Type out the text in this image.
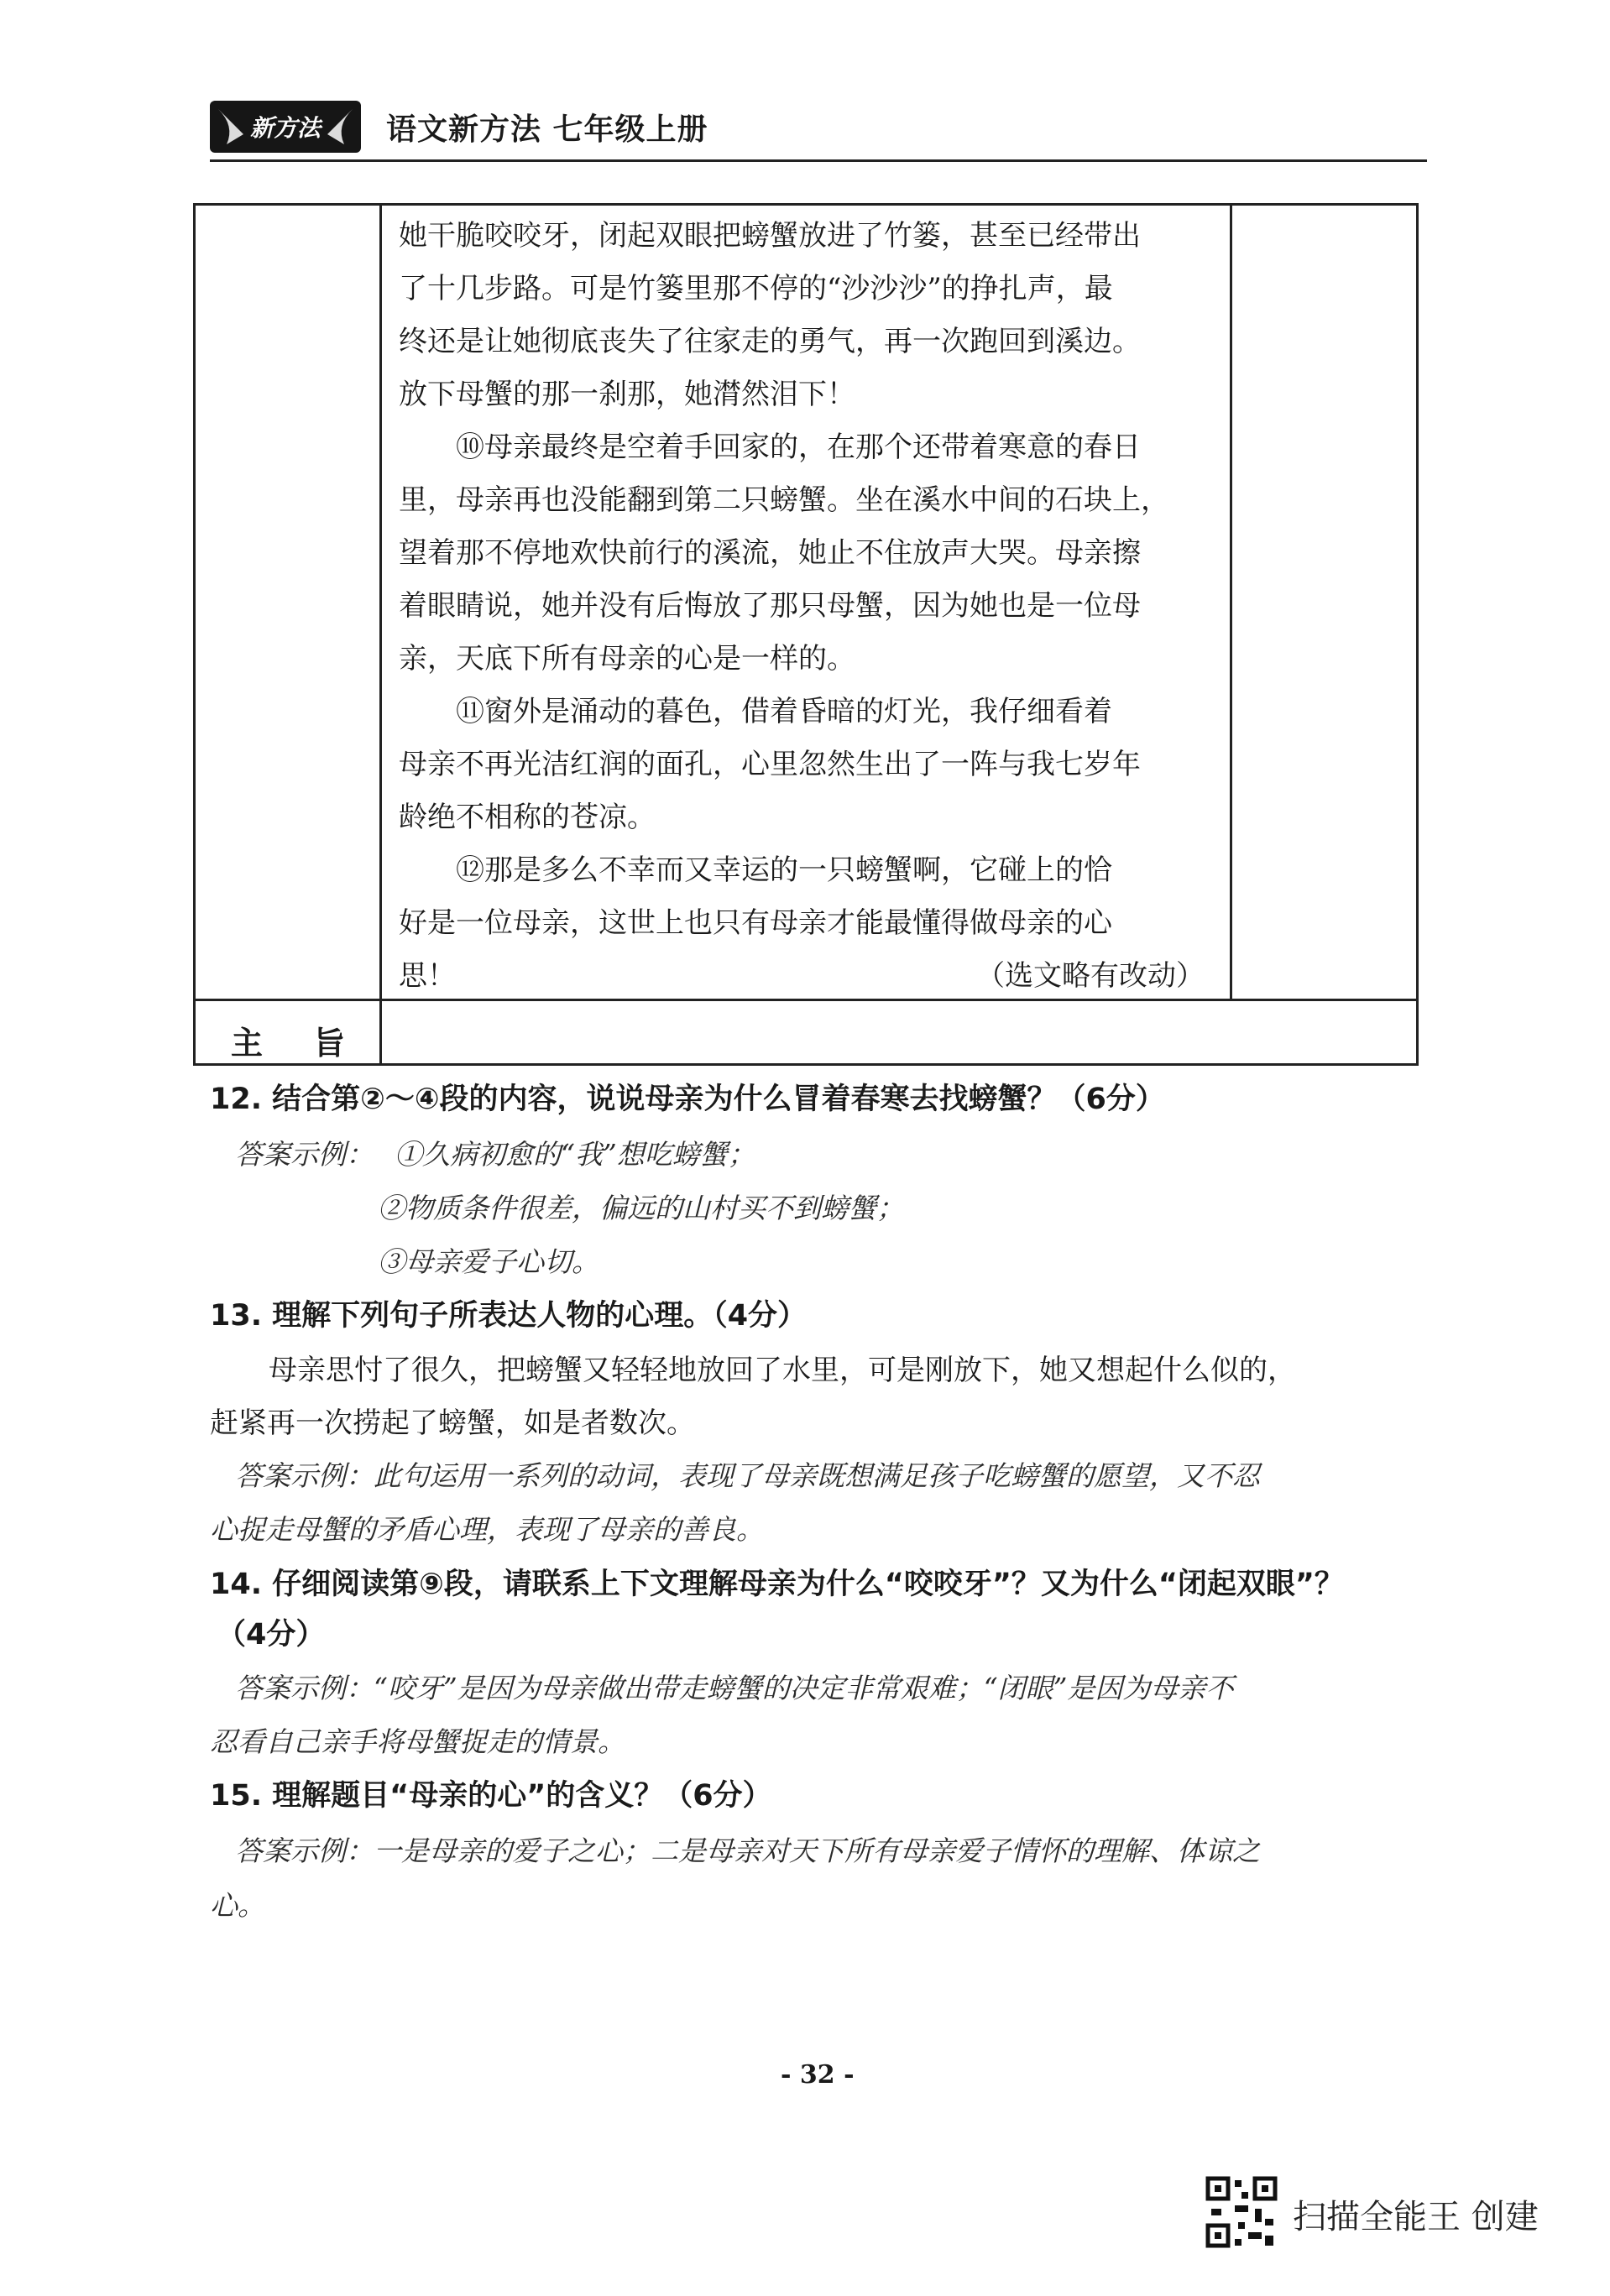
新方法 语文新方法 七年级上册
主 旨

她干脆咬咬牙，闭起双眼把螃蟹放进了竹篓，甚至已经带出

了十几步路。可是竹篓里那不停的“沙沙沙”的挣扎声，最

终还是让她彻底丧失了往家走的勇气，再一次跑回到溪边。

放下母蟹的那一刹那，她潸然泪下！

⑩母亲最终是空着手回家的，在那个还带着寒意的春日

里，母亲再也没能翻到第二只螃蟹。坐在溪水中间的石块上，

望着那不停地欢快前行的溪流，她止不住放声大哭。母亲擦

着眼睛说，她并没有后悔放了那只母蟹，因为她也是一位母

亲，天底下所有母亲的心是一样的。

⑪窗外是涌动的暮色，借着昏暗的灯光，我仔细看着

母亲不再光洁红润的面孔，心里忽然生出了一阵与我七岁年

龄绝不相称的苍凉。

⑫那是多么不幸而又幸运的一只螃蟹啊，它碰上的恰

好是一位母亲，这世上也只有母亲才能最懂得做母亲的心

思！	（选文略有改动）
12. 结合第②～④段的内容，说说母亲为什么冒着春寒去找螃蟹？（6分）
答案示例： ①久病初愈的“我”想吃螃蟹；
②物质条件很差，偏远的山村买不到螃蟹；
③母亲爱子心切。
13. 理解下列句子所表达人物的心理。（4分）
母亲思忖了很久，把螃蟹又轻轻地放回了水里，可是刚放下，她又想起什么似的，
赶紧再一次捞起了螃蟹，如是者数次。
答案示例：此句运用一系列的动词，表现了母亲既想满足孩子吃螃蟹的愿望，又不忍
心捉走母蟹的矛盾心理，表现了母亲的善良。
14. 仔细阅读第⑨段，请联系上下文理解母亲为什么“咬咬牙”？又为什么“闭起双眼”？
（4分）
答案示例：“咬牙”是因为母亲做出带走螃蟹的决定非常艰难；“闭眼”是因为母亲不
忍看自己亲手将母蟹捉走的情景。
15. 理解题目“母亲的心”的含义？（6分）
答案示例：一是母亲的爱子之心；二是母亲对天下所有母亲爱子情怀的理解、体谅之
心。
- 32 -
扫描全能王 创建
